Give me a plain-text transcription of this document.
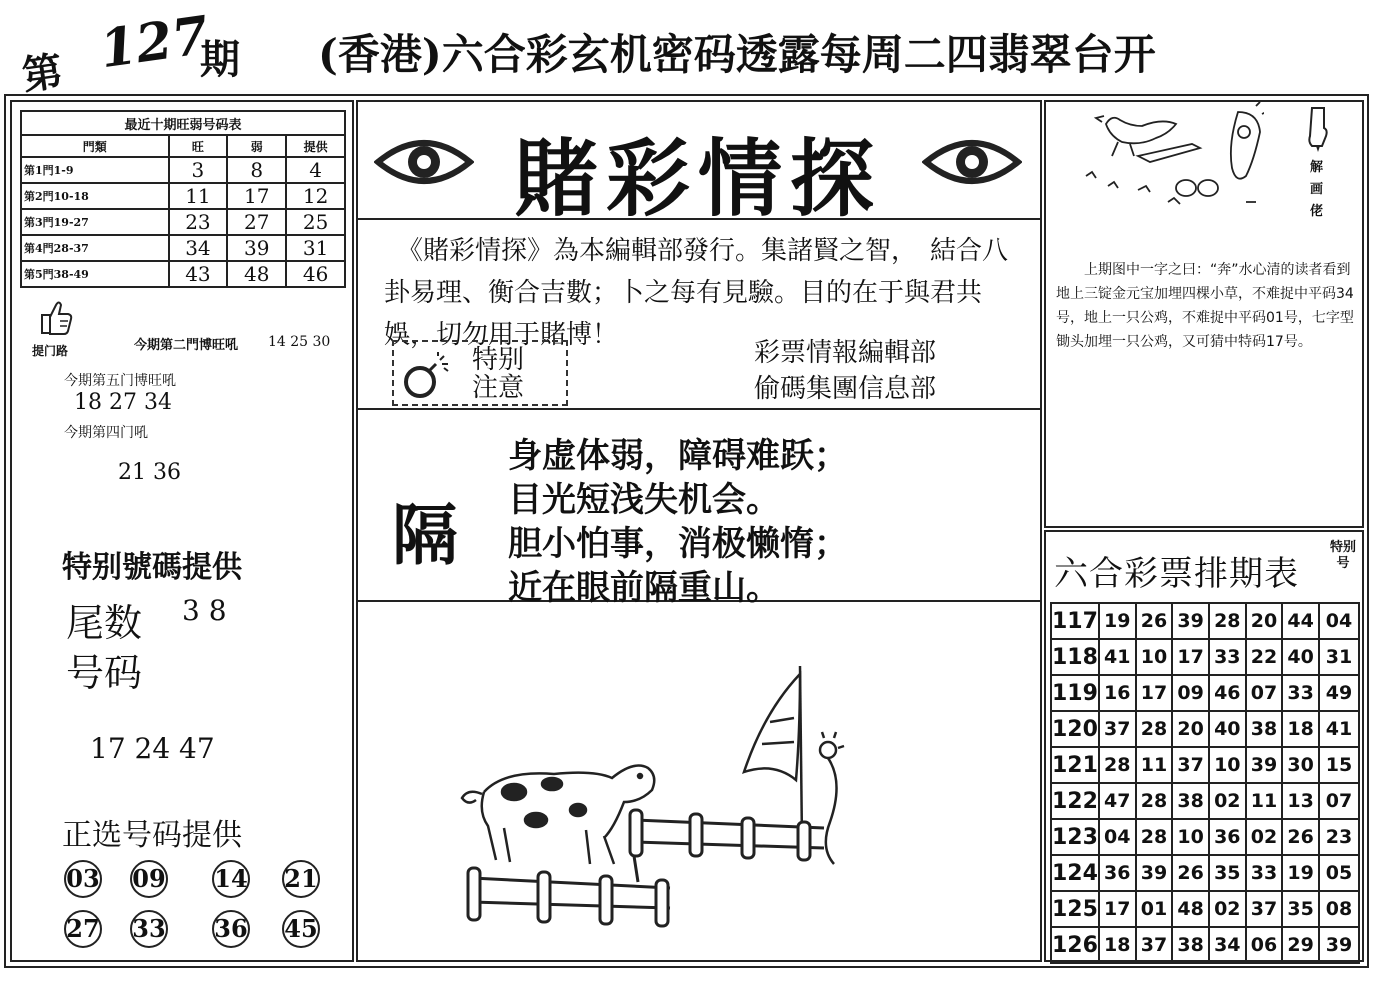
第 127
期 (香港)六合彩玄机密码透露每周二四翡翠台开
最近十期旺弱号码表			
門類	旺	弱	提供
第1門1-9	3	8	4
第2門10-18	11	17	12
第3門19-27	23	27	25
第4門28-37	34	39	31
第5門38-49	43	48	46
提门路	今期第二門博旺吼 14 25 30
今期第五门博旺吼
18 27 34
今期第四门吼
21 36
特别號碼提供
尾数 3 8
号码
17 24 47
正选号码提供
03 09 14 21
27 33 36 45
賭彩情探
　《賭彩情探》為本編輯部發行。集諸賢之智，　結合八卦易理、衡合吉數；卜之每有見驗。目的在于與君共娛，切勿用于賭博！
特别
注意
彩票情報編輯部
偷碼集團信息部
隔
身虚体弱，障碍难跃；
目光短浅失机会。
胆小怕事，消极懒惰；
近在眼前隔重山。
解
画
佬
上期图中一字之曰：“奔”水心清的读者看到地上三锭金元宝加埋四棵小草，不难捉中平码34号，地上一只公鸡，不难捉中平码01号，七字型锄头加埋一只公鸡，又可猜中特码17号。
六合彩票排期表
特别号
117	19	26	39	28	20	44	04
118	41	10	17	33	22	40	31
119	16	17	09	46	07	33	49
120	37	28	20	40	38	18	41
121	28	11	37	10	39	30	15
122	47	28	38	02	11	13	07
123	04	28	10	36	02	26	23
124	36	39	26	35	33	19	05
125	17	01	48	02	37	35	08
126	18	37	38	34	06	29	39
